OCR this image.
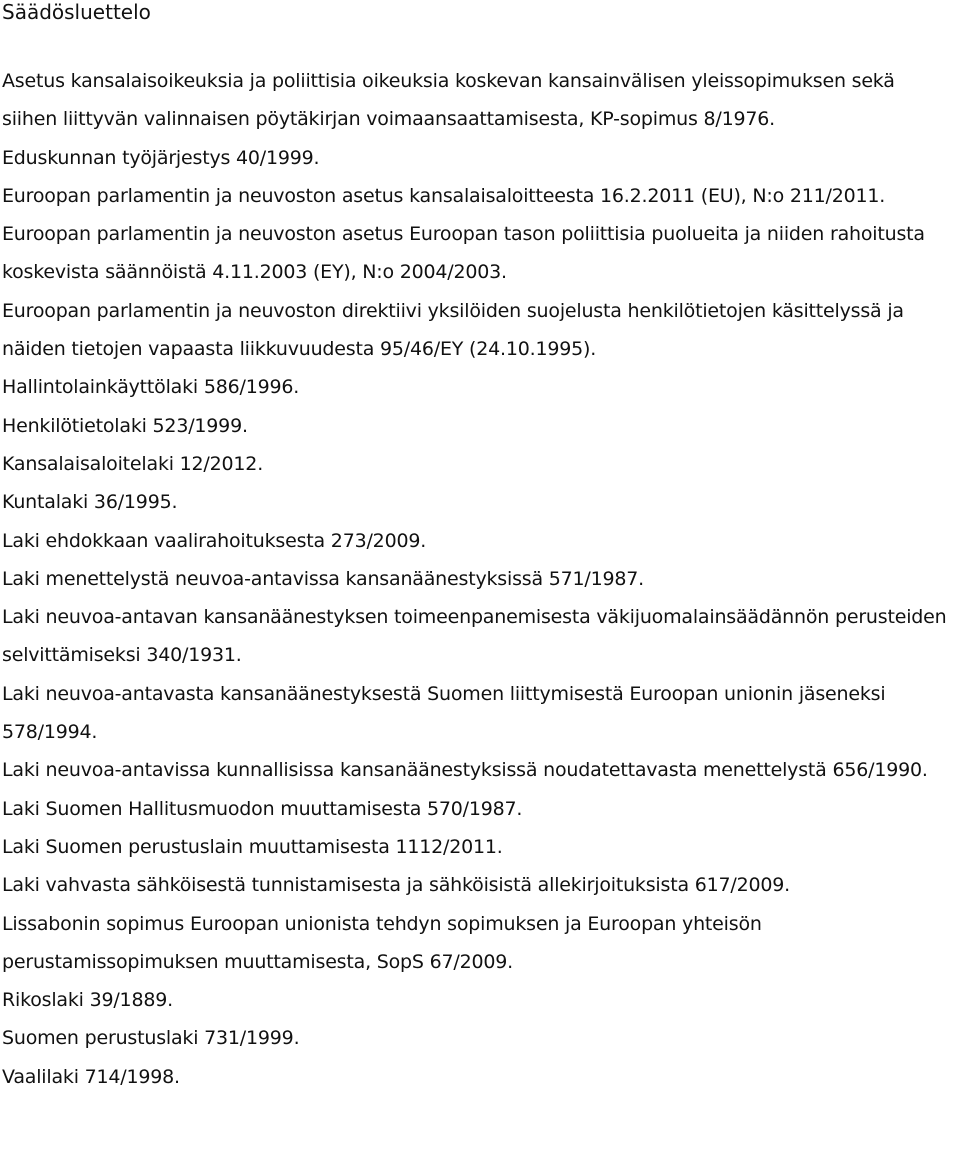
Säädösluettelo
Asetus kansalaisoikeuksia ja poliittisia oikeuksia koskevan kansainvälisen yleissopimuksen sekä siihen liittyvän valinnaisen pöytäkirjan voimaansaattamisesta, KP-sopimus 8/1976.
Eduskunnan työjärjestys 40/1999.
Euroopan parlamentin ja neuvoston asetus kansalaisaloitteesta 16.2.2011 (EU), N:o 211/2011.
Euroopan parlamentin ja neuvoston asetus Euroopan tason poliittisia puolueita ja niiden rahoitusta koskevista säännöistä 4.11.2003 (EY), N:o 2004/2003.
Euroopan parlamentin ja neuvoston direktiivi yksilöiden suojelusta henkilötietojen käsittelyssä ja näiden tietojen vapaasta liikkuvuudesta 95/46/EY (24.10.1995).
Hallintolainkäyttölaki 586/1996.
Henkilötietolaki 523/1999.
Kansalaisaloitelaki 12/2012.
Kuntalaki 36/1995.
Laki ehdokkaan vaalirahoituksesta 273/2009.
Laki menettelystä neuvoa-antavissa kansanäänestyksissä 571/1987.
Laki neuvoa-antavan kansanäänestyksen toimeenpanemisesta väkijuomalainsäädännön perusteiden selvittämiseksi 340/1931.
Laki neuvoa-antavasta kansanäänestyksestä Suomen liittymisestä Euroopan unionin jäseneksi 578/1994.
Laki neuvoa-antavissa kunnallisissa kansanäänestyksissä noudatettavasta menettelystä 656/1990.
Laki Suomen Hallitusmuodon muuttamisesta 570/1987.
Laki Suomen perustuslain muuttamisesta 1112/2011.
Laki vahvasta sähköisestä tunnistamisesta ja sähköisistä allekirjoituksista 617/2009.
Lissabonin sopimus Euroopan unionista tehdyn sopimuksen ja Euroopan yhteisön perustamissopimuksen muuttamisesta, SopS 67/2009.
Rikoslaki 39/1889.
Suomen perustuslaki 731/1999.
Vaalilaki 714/1998.
